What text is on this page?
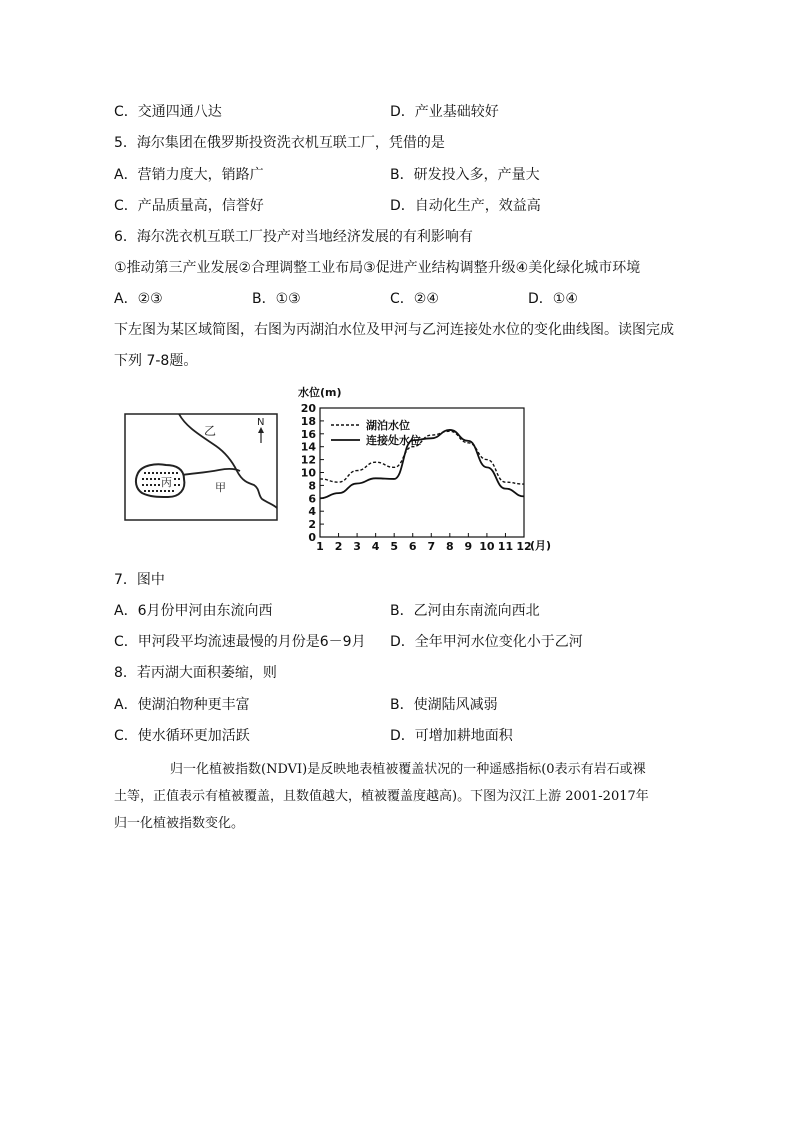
C．交通四通八达	D．产业基础较好
5．海尔集团在俄罗斯投资洗衣机互联工厂，凭借的是
A．营销力度大，销路广	B．研发投入多，产量大
C．产品质量高，信誉好	D．自动化生产，效益高
6．海尔洗衣机互联工厂投产对当地经济发展的有利影响有
①推动第三产业发展②合理调整工业布局③促进产业结构调整升级④美化绿化城市环境
A．②③	B．①③	C．②④	D．①④
下左图为某区域简图，右图为丙湖泊水位及甲河与乙河连接处水位的变化曲线图。读图完成
下列 7-8题。
丙
乙
甲
N
水位(m)
0
2
4
6
8
10
12
14
16
18
20
1 2 3 4 5 6 7 8 9 10 11 12
湖泊水位
连接处水位
(月)
7．图中
A．6月份甲河由东流向西	B．乙河由东南流向西北
C．甲河段平均流速最慢的月份是6－9月 D．全年甲河水位变化小于乙河
8．若丙湖大面积萎缩，则
A．使湖泊物种更丰富	B．使湖陆风减弱
C．使水循环更加活跃	D．可增加耕地面积
归一化植被指数(NDVI)是反映地表植被覆盖状况的一种遥感指标(0表示有岩石或裸
土等，正值表示有植被覆盖，且数值越大，植被覆盖度越高)。下图为汉江上游 2001-2017年
归一化植被指数变化。
